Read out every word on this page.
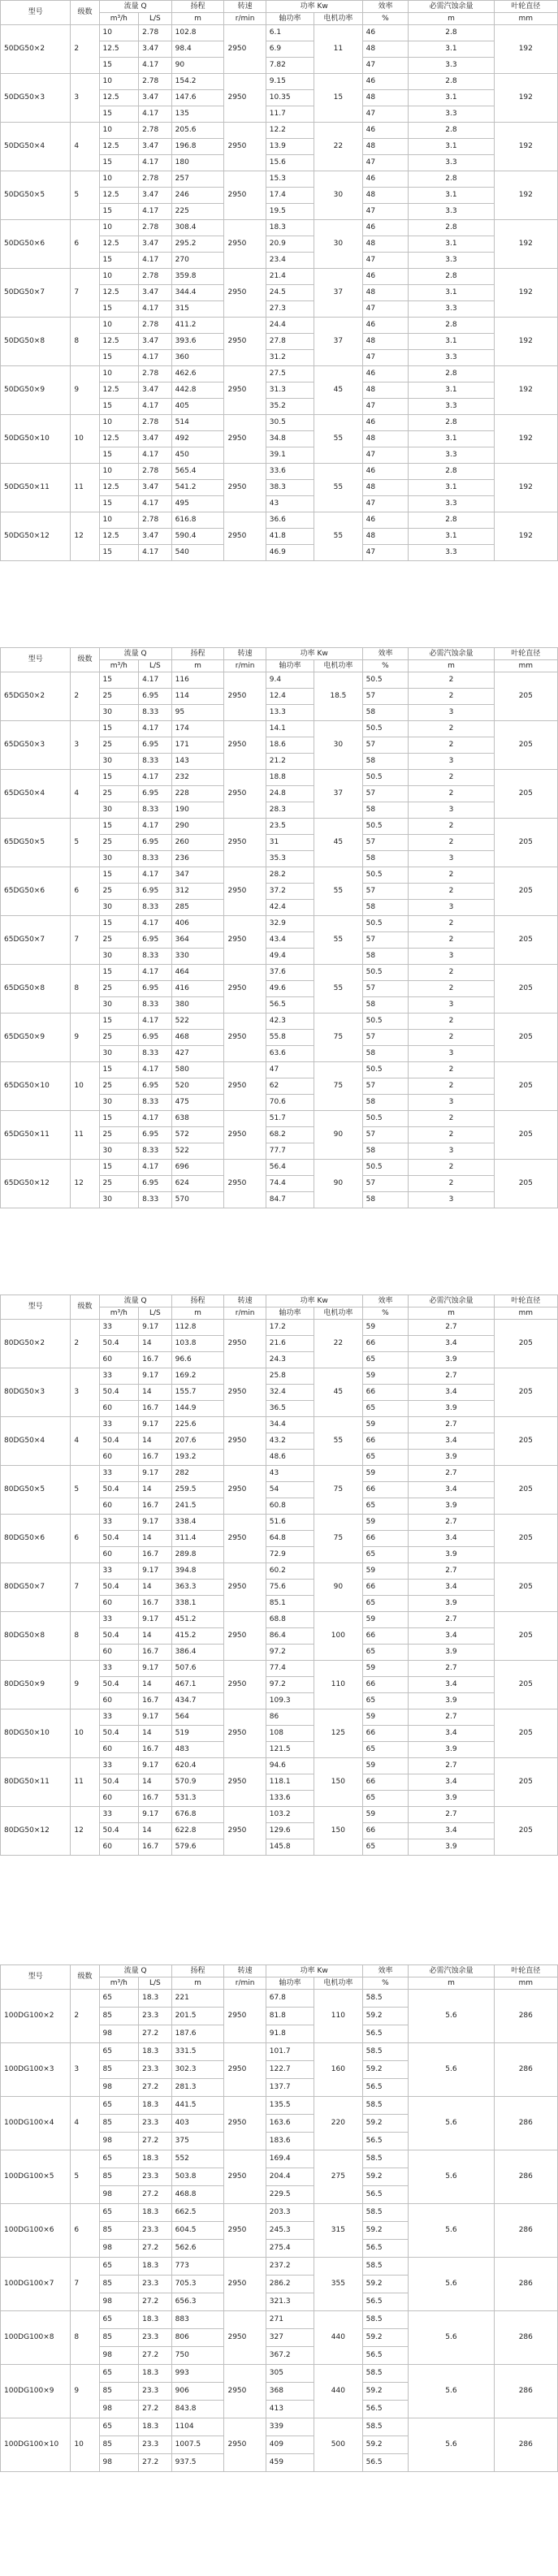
型号	级数	流量 Q		扬程	转速	功率 Kw		效率	必需汽蚀余量	叶轮直径
		m³/h	L/S	m	r/min	轴功率	电机功率	%	m	mm
50DG50×2	2	10	2.78	102.8	2950	6.1	11	46	2.8	192
		12.5	3.47	98.4		6.9		48	3.1	
		15	4.17	90		7.82		47	3.3	
50DG50×3	3	10	2.78	154.2	2950	9.15	15	46	2.8	192
		12.5	3.47	147.6		10.35		48	3.1	
		15	4.17	135		11.7		47	3.3	
50DG50×4	4	10	2.78	205.6	2950	12.2	22	46	2.8	192
		12.5	3.47	196.8		13.9		48	3.1	
		15	4.17	180		15.6		47	3.3	
50DG50×5	5	10	2.78	257	2950	15.3	30	46	2.8	192
		12.5	3.47	246		17.4		48	3.1	
		15	4.17	225		19.5		47	3.3	
50DG50×6	6	10	2.78	308.4	2950	18.3	30	46	2.8	192
		12.5	3.47	295.2		20.9		48	3.1	
		15	4.17	270		23.4		47	3.3	
50DG50×7	7	10	2.78	359.8	2950	21.4	37	46	2.8	192
		12.5	3.47	344.4		24.5		48	3.1	
		15	4.17	315		27.3		47	3.3	
50DG50×8	8	10	2.78	411.2	2950	24.4	37	46	2.8	192
		12.5	3.47	393.6		27.8		48	3.1	
		15	4.17	360		31.2		47	3.3	
50DG50×9	9	10	2.78	462.6	2950	27.5	45	46	2.8	192
		12.5	3.47	442.8		31.3		48	3.1	
		15	4.17	405		35.2		47	3.3	
50DG50×10	10	10	2.78	514	2950	30.5	55	46	2.8	192
		12.5	3.47	492		34.8		48	3.1	
		15	4.17	450		39.1		47	3.3	
50DG50×11	11	10	2.78	565.4	2950	33.6	55	46	2.8	192
		12.5	3.47	541.2		38.3		48	3.1	
		15	4.17	495		43		47	3.3	
50DG50×12	12	10	2.78	616.8	2950	36.6	55	46	2.8	192
		12.5	3.47	590.4		41.8		48	3.1	
		15	4.17	540		46.9		47	3.3	
型号	级数	流量 Q		扬程	转速	功率 Kw		效率	必需汽蚀余量	叶轮直径
		m³/h	L/S	m	r/min	轴功率	电机功率	%	m	mm
65DG50×2	2	15	4.17	116	2950	9.4	18.5	50.5	2	205
		25	6.95	114		12.4		57	2	
		30	8.33	95		13.3		58	3	
65DG50×3	3	15	4.17	174	2950	14.1	30	50.5	2	205
		25	6.95	171		18.6		57	2	
		30	8.33	143		21.2		58	3	
65DG50×4	4	15	4.17	232	2950	18.8	37	50.5	2	205
		25	6.95	228		24.8		57	2	
		30	8.33	190		28.3		58	3	
65DG50×5	5	15	4.17	290	2950	23.5	45	50.5	2	205
		25	6.95	260		31		57	2	
		30	8.33	236		35.3		58	3	
65DG50×6	6	15	4.17	347	2950	28.2	55	50.5	2	205
		25	6.95	312		37.2		57	2	
		30	8.33	285		42.4		58	3	
65DG50×7	7	15	4.17	406	2950	32.9	55	50.5	2	205
		25	6.95	364		43.4		57	2	
		30	8.33	330		49.4		58	3	
65DG50×8	8	15	4.17	464	2950	37.6	55	50.5	2	205
		25	6.95	416		49.6		57	2	
		30	8.33	380		56.5		58	3	
65DG50×9	9	15	4.17	522	2950	42.3	75	50.5	2	205
		25	6.95	468		55.8		57	2	
		30	8.33	427		63.6		58	3	
65DG50×10	10	15	4.17	580	2950	47	75	50.5	2	205
		25	6.95	520		62		57	2	
		30	8.33	475		70.6		58	3	
65DG50×11	11	15	4.17	638	2950	51.7	90	50.5	2	205
		25	6.95	572		68.2		57	2	
		30	8.33	522		77.7		58	3	
65DG50×12	12	15	4.17	696	2950	56.4	90	50.5	2	205
		25	6.95	624		74.4		57	2	
		30	8.33	570		84.7		58	3	
型号	级数	流量 Q		扬程	转速	功率 Kw		效率	必需汽蚀余量	叶轮直径
		m³/h	L/S	m	r/min	轴功率	电机功率	%	m	mm
80DG50×2	2	33	9.17	112.8	2950	17.2	22	59	2.7	205
		50.4	14	103.8		21.6		66	3.4	
		60	16.7	96.6		24.3		65	3.9	
80DG50×3	3	33	9.17	169.2	2950	25.8	45	59	2.7	205
		50.4	14	155.7		32.4		66	3.4	
		60	16.7	144.9		36.5		65	3.9	
80DG50×4	4	33	9.17	225.6	2950	34.4	55	59	2.7	205
		50.4	14	207.6		43.2		66	3.4	
		60	16.7	193.2		48.6		65	3.9	
80DG50×5	5	33	9.17	282	2950	43	75	59	2.7	205
		50.4	14	259.5		54		66	3.4	
		60	16.7	241.5		60.8		65	3.9	
80DG50×6	6	33	9.17	338.4	2950	51.6	75	59	2.7	205
		50.4	14	311.4		64.8		66	3.4	
		60	16.7	289.8		72.9		65	3.9	
80DG50×7	7	33	9.17	394.8	2950	60.2	90	59	2.7	205
		50.4	14	363.3		75.6		66	3.4	
		60	16.7	338.1		85.1		65	3.9	
80DG50×8	8	33	9.17	451.2	2950	68.8	100	59	2.7	205
		50.4	14	415.2		86.4		66	3.4	
		60	16.7	386.4		97.2		65	3.9	
80DG50×9	9	33	9.17	507.6	2950	77.4	110	59	2.7	205
		50.4	14	467.1		97.2		66	3.4	
		60	16.7	434.7		109.3		65	3.9	
80DG50×10	10	33	9.17	564	2950	86	125	59	2.7	205
		50.4	14	519		108		66	3.4	
		60	16.7	483		121.5		65	3.9	
80DG50×11	11	33	9.17	620.4	2950	94.6	150	59	2.7	205
		50.4	14	570.9		118.1		66	3.4	
		60	16.7	531.3		133.6		65	3.9	
80DG50×12	12	33	9.17	676.8	2950	103.2	150	59	2.7	205
		50.4	14	622.8		129.6		66	3.4	
		60	16.7	579.6		145.8		65	3.9	
型号	级数	流量 Q		扬程	转速	功率 Kw		效率	必需汽蚀余量	叶轮直径
		m³/h	L/S	m	r/min	轴功率	电机功率	%	m	mm
100DG100×2	2	65	18.3	221	2950	67.8	110	58.5	5.6	286
		85	23.3	201.5		81.8		59.2		
		98	27.2	187.6		91.8		56.5		
100DG100×3	3	65	18.3	331.5	2950	101.7	160	58.5	5.6	286
		85	23.3	302.3		122.7		59.2		
		98	27.2	281.3		137.7		56.5		
100DG100×4	4	65	18.3	441.5	2950	135.5	220	58.5	5.6	286
		85	23.3	403		163.6		59.2		
		98	27.2	375		183.6		56.5		
100DG100×5	5	65	18.3	552	2950	169.4	275	58.5	5.6	286
		85	23.3	503.8		204.4		59.2		
		98	27.2	468.8		229.5		56.5		
100DG100×6	6	65	18.3	662.5	2950	203.3	315	58.5	5.6	286
		85	23.3	604.5		245.3		59.2		
		98	27.2	562.6		275.4		56.5		
100DG100×7	7	65	18.3	773	2950	237.2	355	58.5	5.6	286
		85	23.3	705.3		286.2		59.2		
		98	27.2	656.3		321.3		56.5		
100DG100×8	8	65	18.3	883	2950	271	440	58.5	5.6	286
		85	23.3	806		327		59.2		
		98	27.2	750		367.2		56.5		
100DG100×9	9	65	18.3	993	2950	305	440	58.5	5.6	286
		85	23.3	906		368		59.2		
		98	27.2	843.8		413		56.5		
100DG100×10	10	65	18.3	1104	2950	339	500	58.5	5.6	286
		85	23.3	1007.5		409		59.2		
		98	27.2	937.5		459		56.5		
